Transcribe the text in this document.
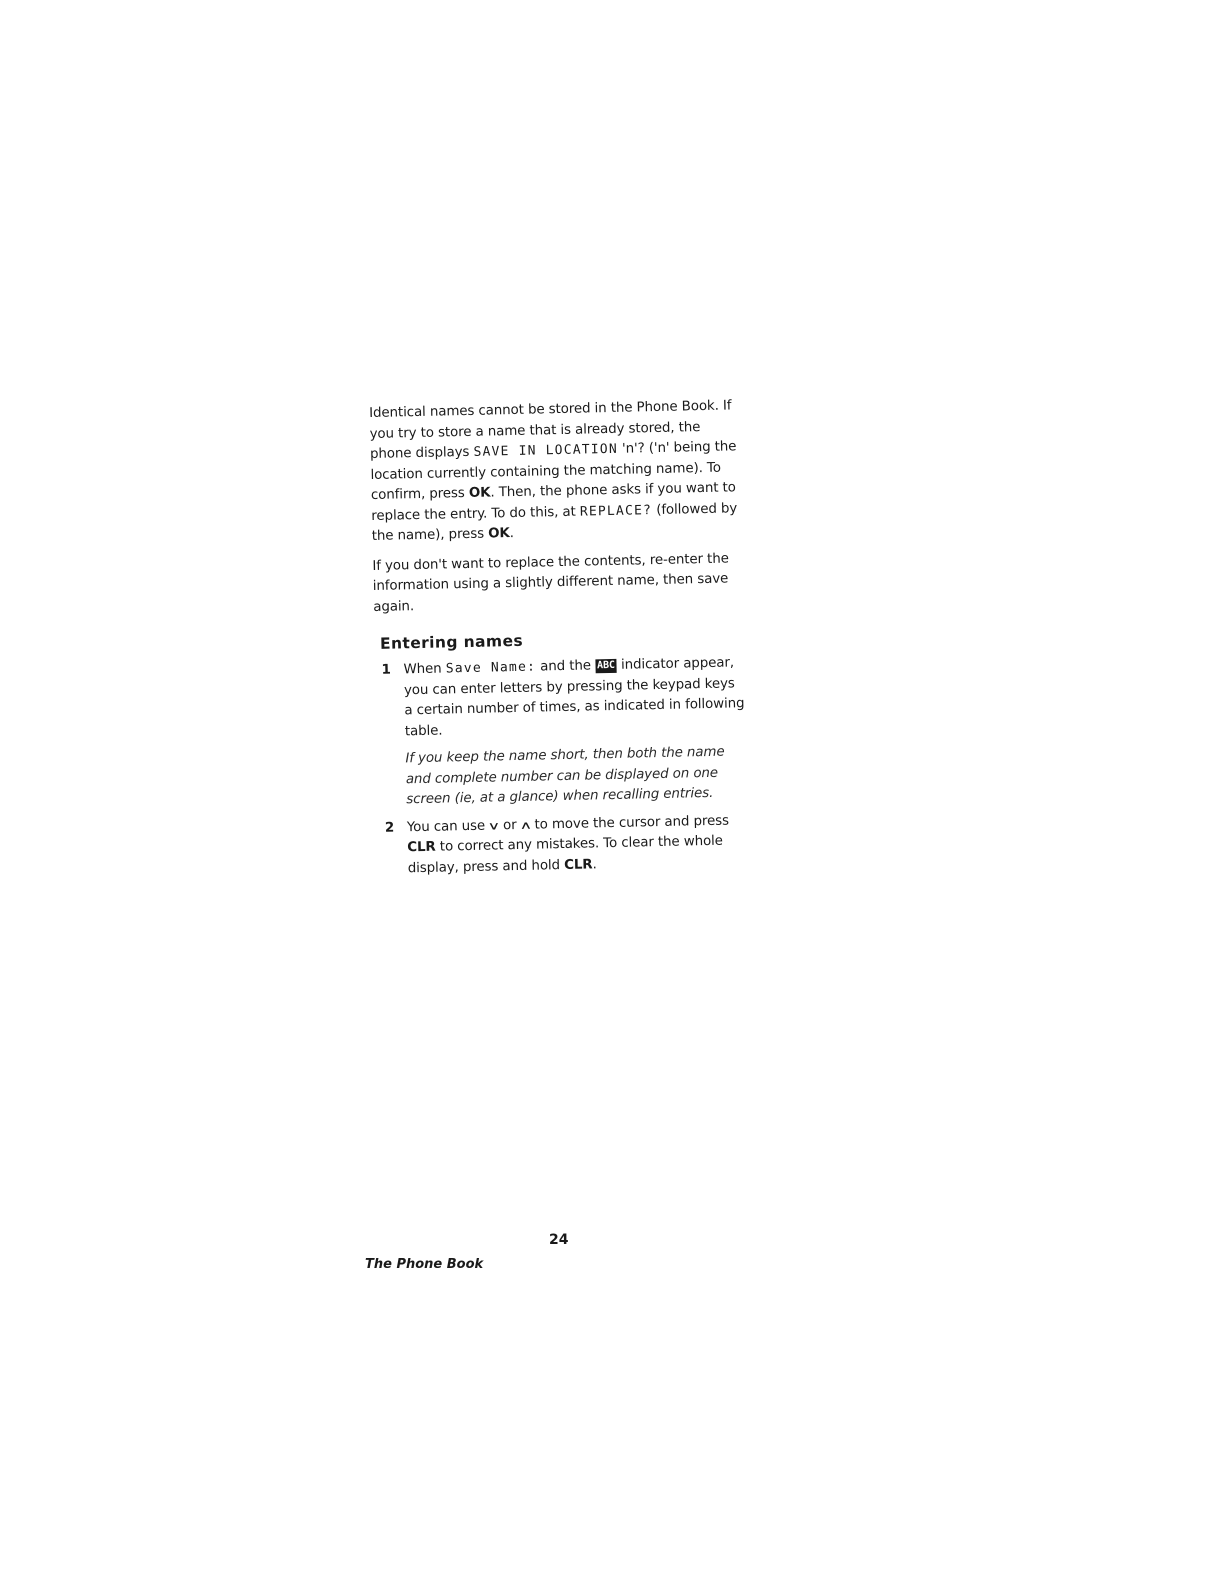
Identical names cannot be stored in the Phone Book. If you try to store a name that is already stored, the phone displays SAVE IN LOCATION 'n'? ('n' being the location currently containing the matching name). To confirm, press OK. Then, the phone asks if you want to replace the entry. To do this, at REPLACE? (followed by the name), press OK.

If you don't want to replace the contents, re-enter the information using a slightly different name, then save again.

Entering names
1 When Save Name: and the ABC indicator appear, you can enter letters by pressing the keypad keys a certain number of times, as indicated in following table.

If you keep the name short, then both the name and complete number can be displayed on one screen (ie, at a glance) when recalling entries.

2 You can use ∨ or ∧ to move the cursor and press CLR to correct any mistakes. To clear the whole display, press and hold CLR.

24
The Phone Book
